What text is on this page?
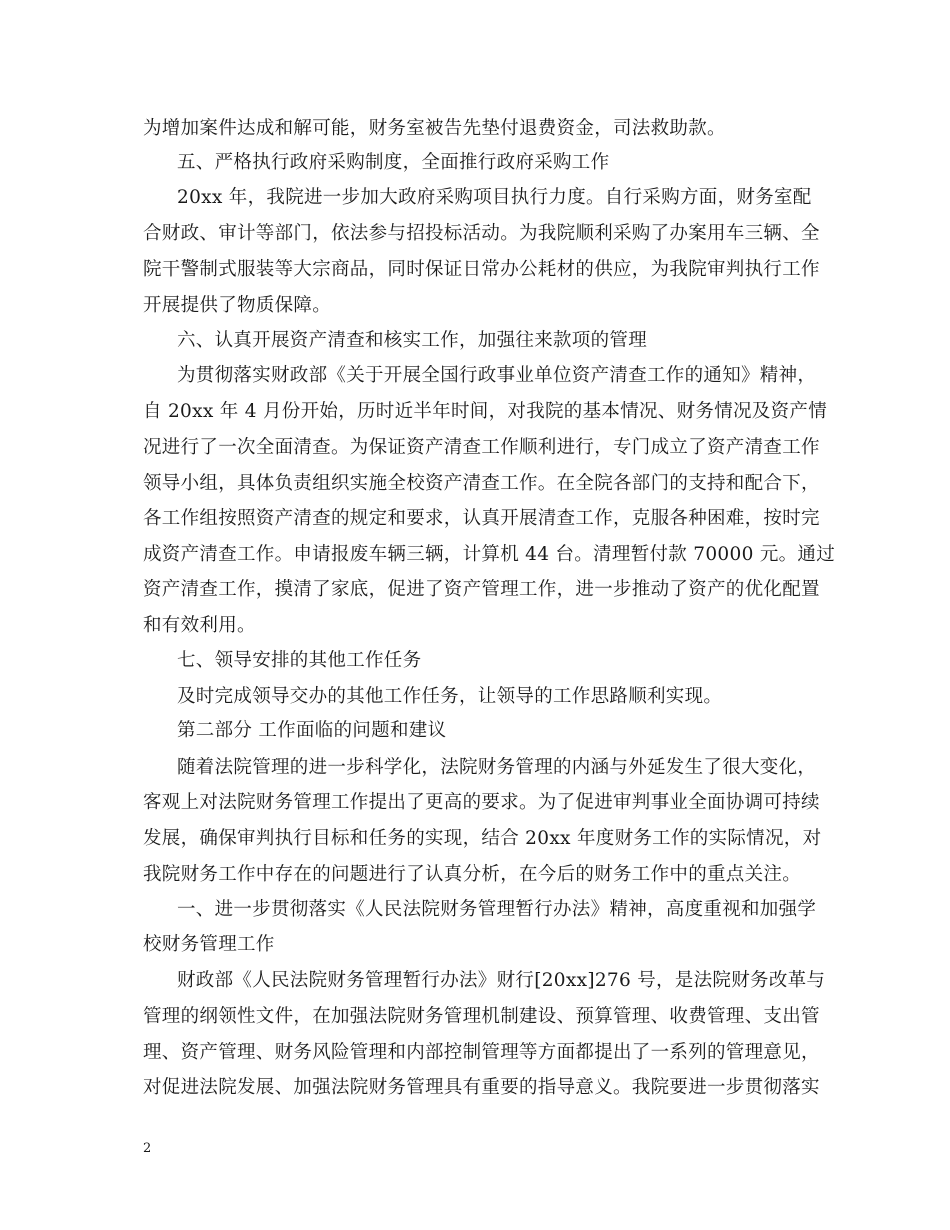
为增加案件达成和解可能，财务室被告先垫付退费资金，司法救助款。
五、严格执行政府采购制度，全面推行政府采购工作
20xx 年，我院进一步加大政府采购项目执行力度。自行采购方面，财务室配
合财政、审计等部门，依法参与招投标活动。为我院顺利采购了办案用车三辆、全
院干警制式服装等大宗商品，同时保证日常办公耗材的供应，为我院审判执行工作
开展提供了物质保障。
六、认真开展资产清查和核实工作，加强往来款项的管理
为贯彻落实财政部《关于开展全国行政事业单位资产清查工作的通知》精神，
自 20xx 年 4 月份开始，历时近半年时间，对我院的基本情况、财务情况及资产情
况进行了一次全面清查。为保证资产清查工作顺利进行，专门成立了资产清查工作
领导小组，具体负责组织实施全校资产清查工作。在全院各部门的支持和配合下，
各工作组按照资产清查的规定和要求，认真开展清查工作，克服各种困难，按时完
成资产清查工作。申请报废车辆三辆，计算机 44 台。清理暂付款 70000 元。通过
资产清查工作，摸清了家底，促进了资产管理工作，进一步推动了资产的优化配置
和有效利用。
七、领导安排的其他工作任务
及时完成领导交办的其他工作任务，让领导的工作思路顺利实现。
第二部分 工作面临的问题和建议
随着法院管理的进一步科学化，法院财务管理的内涵与外延发生了很大变化，
客观上对法院财务管理工作提出了更高的要求。为了促进审判事业全面协调可持续
发展，确保审判执行目标和任务的实现，结合 20xx 年度财务工作的实际情况，对
我院财务工作中存在的问题进行了认真分析，在今后的财务工作中的重点关注。
一、进一步贯彻落实《人民法院财务管理暂行办法》精神，高度重视和加强学
校财务管理工作
财政部《人民法院财务管理暂行办法》财行[20xx]276 号，是法院财务改革与
管理的纲领性文件，在加强法院财务管理机制建设、预算管理、收费管理、支出管
理、资产管理、财务风险管理和内部控制管理等方面都提出了一系列的管理意见，
对促进法院发展、加强法院财务管理具有重要的指导意义。我院要进一步贯彻落实
2
